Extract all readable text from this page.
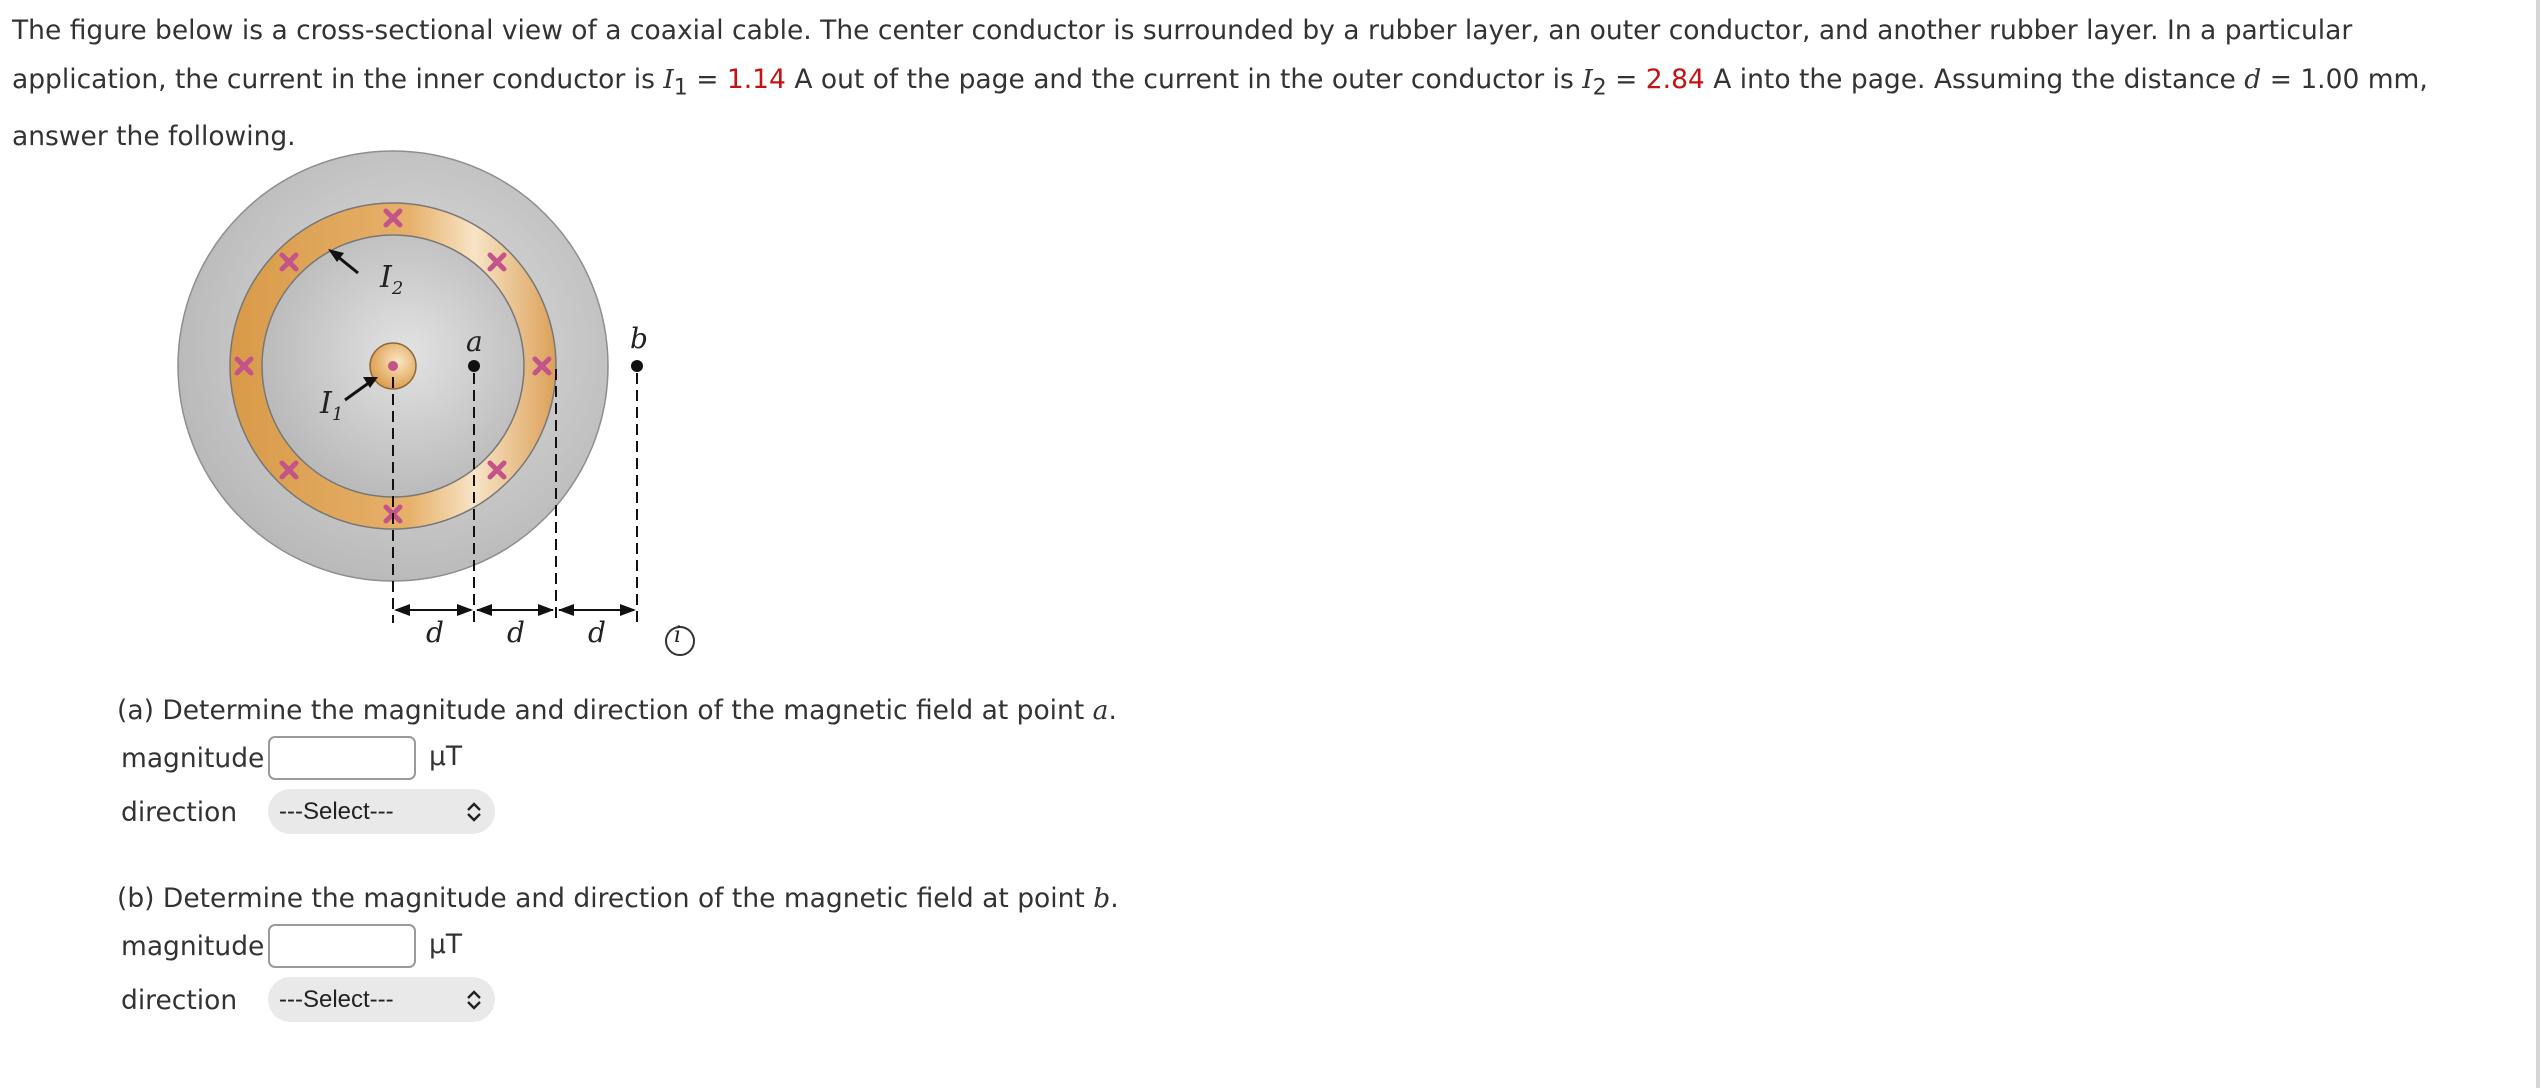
The figure below is a cross-sectional view of a coaxial cable. The center conductor is surrounded by a rubber layer, an outer conductor, and another rubber layer. In a particular application, the current in the inner conductor is $I_1 = 1.14$ A out of the page and the current in the outer conductor is $I_2 = 2.84$ A into the page. Assuming the distance d = 1.00 mm, answer the following.
$I_2$
$I_1$
a	b
d d d	i
(a) Determine the magnitude and direction of the magnetic field at point a.
magnitude	μT
direction	---Select---
(b) Determine the magnitude and direction of the magnetic field at point b.
magnitude	μT
direction	---Select---
